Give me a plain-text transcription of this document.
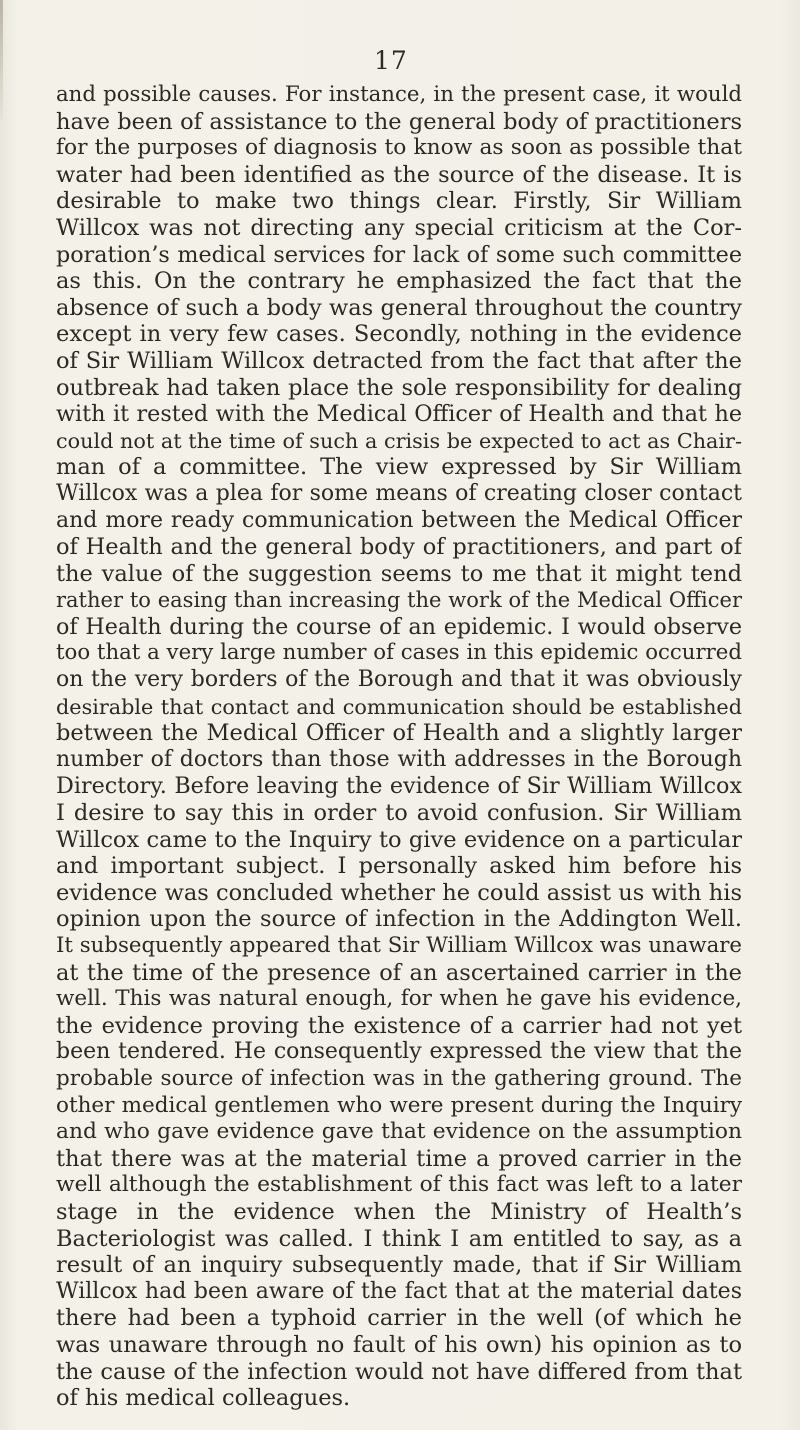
17
and possible causes. For instance, in the present case, it would
have been of assistance to the general body of practitioners
for the purposes of diagnosis to know as soon as possible that
water had been identified as the source of the disease. It is
desirable to make two things clear. Firstly, Sir William
Willcox was not directing any special criticism at the Cor-
poration’s medical services for lack of some such committee
as this. On the contrary he emphasized the fact that the
absence of such a body was general throughout the country
except in very few cases. Secondly, nothing in the evidence
of Sir William Willcox detracted from the fact that after the
outbreak had taken place the sole responsibility for dealing
with it rested with the Medical Officer of Health and that he
could not at the time of such a crisis be expected to act as Chair-
man of a committee. The view expressed by Sir William
Willcox was a plea for some means of creating closer contact
and more ready communication between the Medical Officer
of Health and the general body of practitioners, and part of
the value of the suggestion seems to me that it might tend
rather to easing than increasing the work of the Medical Officer
of Health during the course of an epidemic. I would observe
too that a very large number of cases in this epidemic occurred
on the very borders of the Borough and that it was obviously
desirable that contact and communication should be established
between the Medical Officer of Health and a slightly larger
number of doctors than those with addresses in the Borough
Directory. Before leaving the evidence of Sir William Willcox
I desire to say this in order to avoid confusion. Sir William
Willcox came to the Inquiry to give evidence on a particular
and important subject. I personally asked him before his
evidence was concluded whether he could assist us with his
opinion upon the source of infection in the Addington Well.
It subsequently appeared that Sir William Willcox was unaware
at the time of the presence of an ascertained carrier in the
well. This was natural enough, for when he gave his evidence,
the evidence proving the existence of a carrier had not yet
been tendered. He consequently expressed the view that the
probable source of infection was in the gathering ground. The
other medical gentlemen who were present during the Inquiry
and who gave evidence gave that evidence on the assumption
that there was at the material time a proved carrier in the
well although the establishment of this fact was left to a later
stage in the evidence when the Ministry of Health’s
Bacteriologist was called. I think I am entitled to say, as a
result of an inquiry subsequently made, that if Sir William
Willcox had been aware of the fact that at the material dates
there had been a typhoid carrier in the well (of which he
was unaware through no fault of his own) his opinion as to
the cause of the infection would not have differed from that
of his medical colleagues.
